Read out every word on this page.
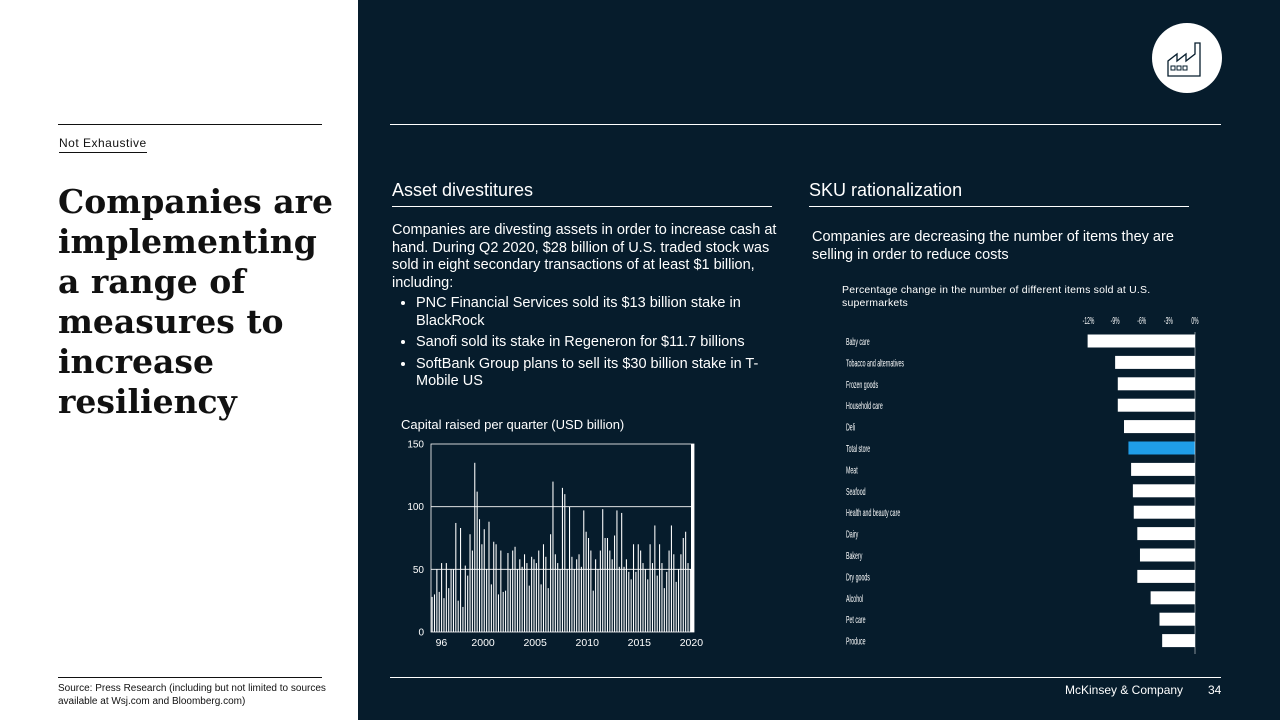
Not Exhaustive
Companies are implementing a range of measures to increase resiliency
Source: Press Research (including but not limited to sources available at Wsj.com and Bloomberg.com)
Asset divestitures
Companies are divesting assets in order to increase cash at hand. During Q2 2020, $28 billion of U.S. traded stock was sold in eight secondary transactions of at least $1 billion, including:
• PNC Financial Services sold its $13 billion stake in BlackRock
• Sanofi sold its stake in Regeneron for $11.7 billions
• SoftBank Group plans to sell its $30 billion stake in T-Mobile US
Capital raised per quarter (USD billion)
0
50
100
150
96 2000	2005	2010	2015	2020
SKU rationalization
Companies are decreasing the number of items they are selling in order to reduce costs
Percentage change in the number of different items sold at U.S. supermarkets
-12% -9% -6% -3% 0%
Baby care
Tobacco and alternatives
Frozen goods
Household care
Deli
Total store
Meat
Seafood
Health and beauty care
Dairy
Bakery
Dry goods
Alcohol
Pet care
Produce
McKinsey & Company 34
